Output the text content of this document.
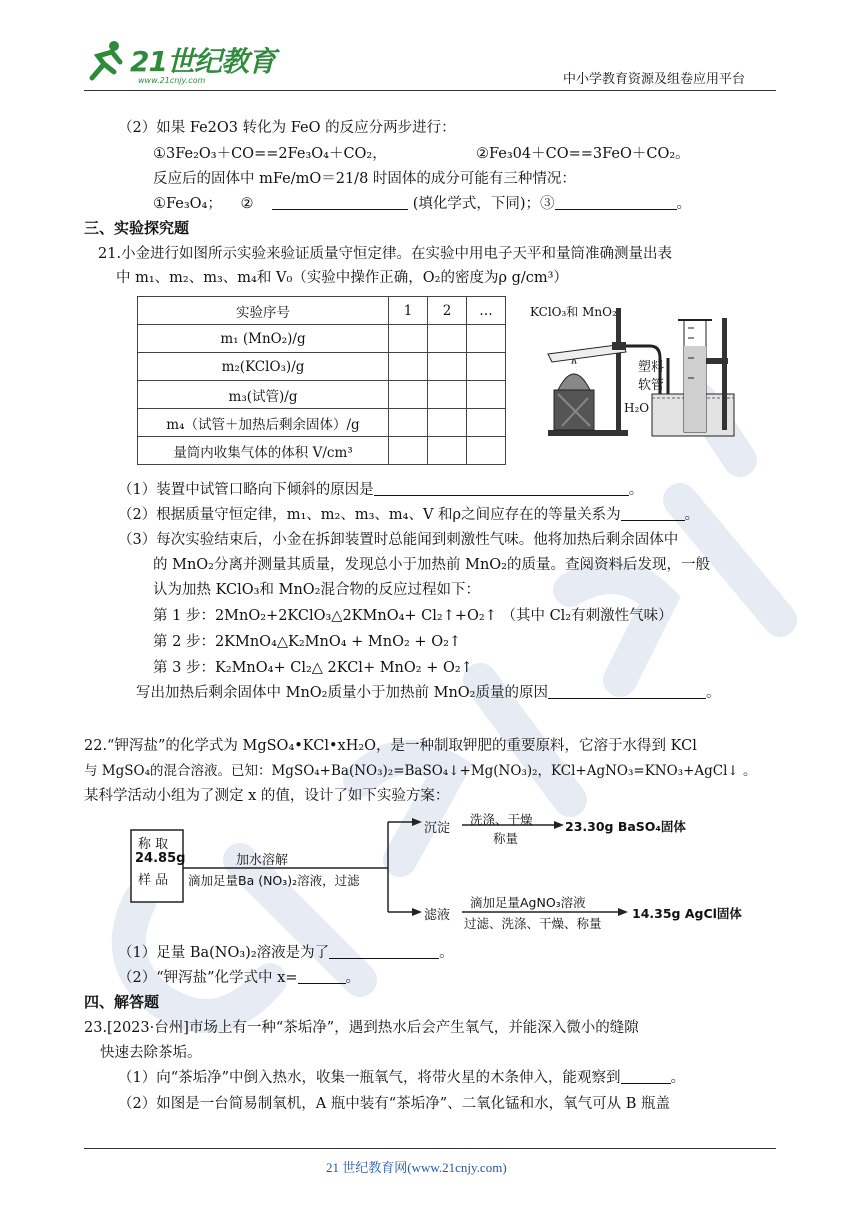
21世纪教育
www.21cnjy.com	中小学教育资源及组卷应用平台
（2）如果 Fe2O3 转化为 FeO 的反应分两步进行：
①3Fe₂O₃＋CO==2Fe₃O₄＋CO₂，	②Fe₃04＋CO==3FeO＋CO₂。
反应后的固体中 mFe/mO＝21/8 时固体的成分可能有三种情况：
①Fe₃O₄； ②	(填化学式，下同)；③	。
三、实验探究题
21.小金进行如图所示实验来验证质量守恒定律。在实验中用电子天平和量筒准确测量出表
中 m₁、m₂、m₃、m₄和 V₀（实验中操作正确，O₂的密度为ρ g/cm³）
实验序号	1	2	…
m₁ (MnO₂)/g			
m₂(KClO₃)/g			
m₃(试管)/g			
m₄（试管＋加热后剩余固体）/g			
量筒内收集气体的体积 V/cm³			
KClO₃和 MnO₂
塑料
软管
H₂O
（1）装置中试管口略向下倾斜的原因是	。
（2）根据质量守恒定律，m₁、m₂、m₃、m₄、V 和ρ之间应存在的等量关系为	。
（3）每次实验结束后，小金在拆卸装置时总能闻到刺激性气味。他将加热后剩余固体中
的 MnO₂分离并测量其质量，发现总小于加热前 MnO₂的质量。查阅资料后发现，一般
认为加热 KClO₃和 MnO₂混合物的反应过程如下：
第 1 步：2MnO₂+2KClO₃△2KMnO₄+ Cl₂↑+O₂↑ （其中 Cl₂有刺激性气味）
第 2 步：2KMnO₄△K₂MnO₄ + MnO₂ + O₂↑
第 3 步：K₂MnO₄+ Cl₂△ 2KCl+ MnO₂ + O₂↑
写出加热后剩余固体中 MnO₂质量小于加热前 MnO₂质量的原因	。
22.“钾泻盐”的化学式为 MgSO₄•KCl•xH₂O，是一种制取钾肥的重要原料，它溶于水得到 KCl
与 MgSO₄的混合溶液。已知：MgSO₄+Ba(NO₃)₂=BaSO₄↓+Mg(NO₃)₂，KCl+AgNO₃=KNO₃+AgCl↓ 。
某科学活动小组为了测定 x 的值，设计了如下实验方案：
称 取
24.85g
样 品
加水溶解
滴加足量Ba (NO₃)₂溶液，过滤
沉淀
洗涤、干燥
称量
23.30g BaSO₄固体
滤液
滴加足量AgNO₃溶液
过滤、洗涤、干燥、称量
14.35g AgCl固体
（1）足量 Ba(NO₃)₂溶液是为了	。
（2）“钾泻盐”化学式中 x=	。
四、解答题
23.[2023·台州]市场上有一种“茶垢净”，遇到热水后会产生氧气，并能深入微小的缝隙
快速去除茶垢。
（1）向“茶垢净”中倒入热水，收集一瓶氧气，将带火星的木条伸入，能观察到	。
（2）如图是一台简易制氧机，A 瓶中装有“茶垢净”、二氧化锰和水，氧气可从 B 瓶盖
21 世纪教育网(www.21cnjy.com)
